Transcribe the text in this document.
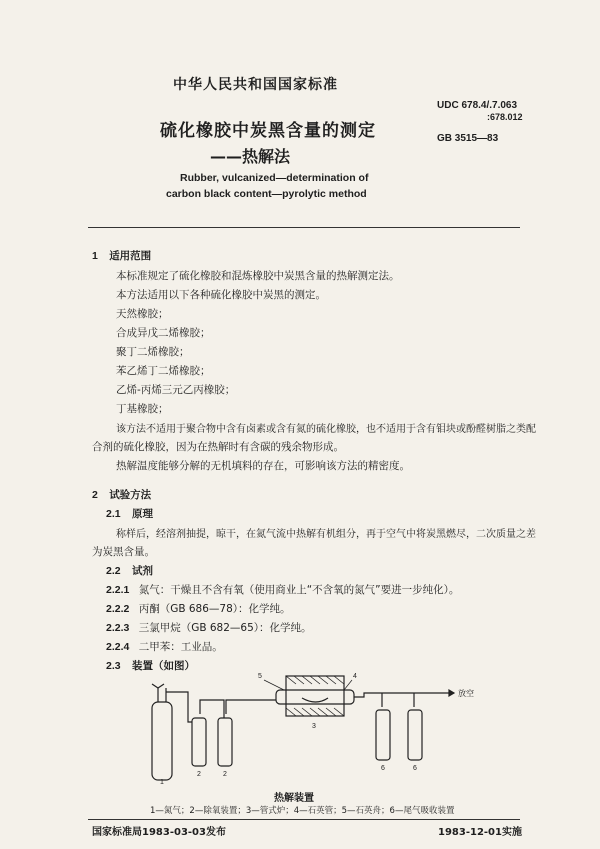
中华人民共和国国家标准
UDC 678.4/.7.063
:678.012
GB 3515—83
硫化橡胶中炭黑含量的测定
——热解法
Rubber, vulcanized—determination of
carbon black content—pyrolytic method
1 适用范围
本标准规定了硫化橡胶和混炼橡胶中炭黑含量的热解测定法。
本方法适用以下各种硫化橡胶中炭黑的测定。
天然橡胶；
合成异戊二烯橡胶；
聚丁二烯橡胶；
苯乙烯丁二烯橡胶；
乙烯-丙烯三元乙丙橡胶；
丁基橡胶；
该方法不适用于聚合物中含有卤素或含有氮的硫化橡胶，也不适用于含有钼块或酚醛树脂之类配
合剂的硫化橡胶，因为在热解时有含碳的残余物形成。
热解温度能够分解的无机填料的存在，可影响该方法的精密度。
2 试验方法
2.1 原理
称样后，经溶剂抽提，晾干，在氮气流中热解有机组分，再于空气中将炭黑燃尽，二次质量之差
为炭黑含量。
2.2 试剂
2.2.1 氮气：干燥且不含有氧（使用商业上“不含氧的氮气”要进一步纯化）。
2.2.2 丙酮（GB 686—78）：化学纯。
2.2.3 三氯甲烷（GB 682—65）：化学纯。
2.2.4 二甲苯：工业品。
2.3 装置（如图）
放空
1
2	2
3
4
5
6	6
热解装置
1—氮气；2—除氧装置；3—管式炉；4—石英管；5—石英舟；6—尾气吸收装置
国家标准局1983-03-03发布	1983-12-01实施
